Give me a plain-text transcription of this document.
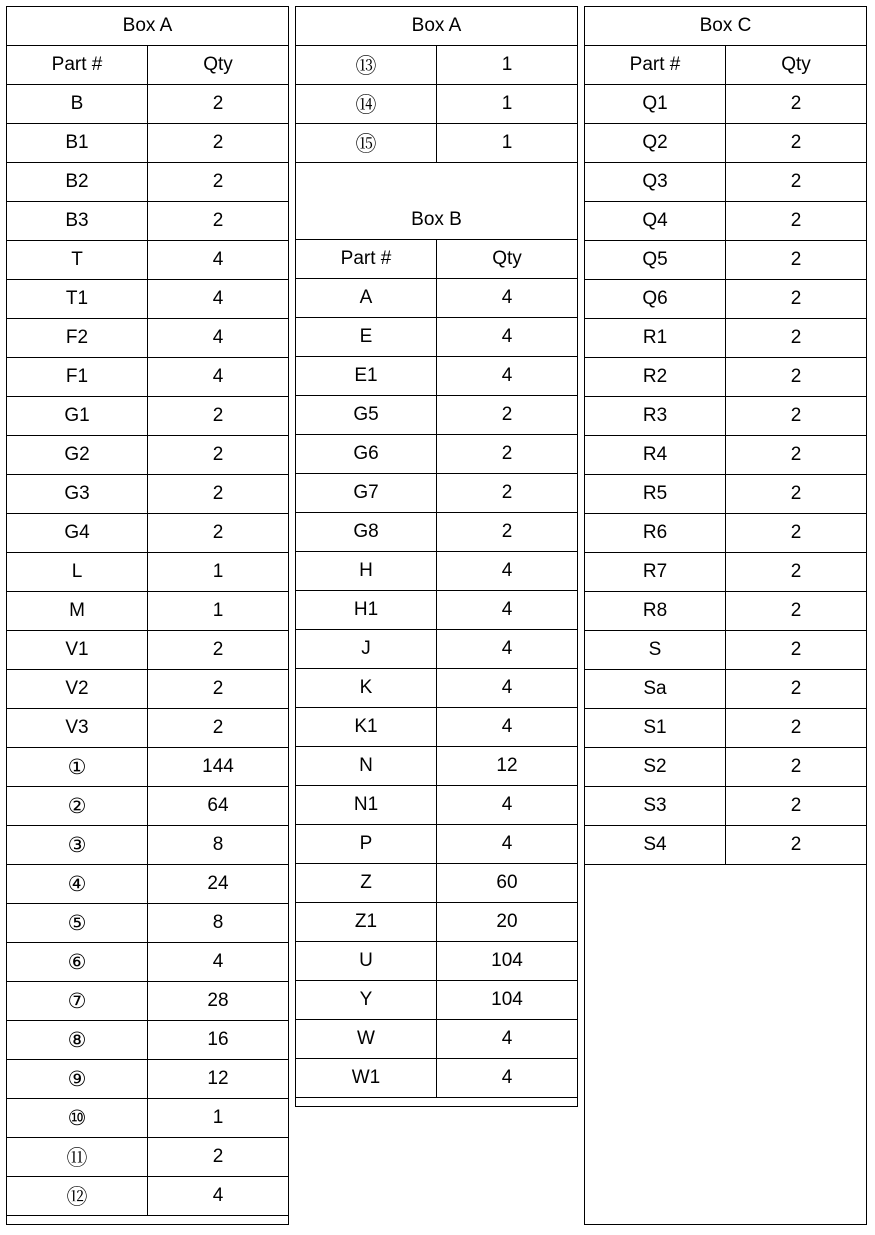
Box A	
Part #	Qty
B	2
B1	2
B2	2
B3	2
T	4
T1	4
F2	4
F1	4
G1	2
G2	2
G3	2
G4	2
L	1
M	1
V1	2
V2	2
V3	2
①	144
②	64
③	8
④	24
⑤	8
⑥	4
⑦	28
⑧	16
⑨	12
⑩	1
⑪	2
⑫	4
Box A	
⑬	1
⑭	1
⑮	1

Box B	
Part #	Qty
A	4
E	4
E1	4
G5	2
G6	2
G7	2
G8	2
H	4
H1	4
J	4
K	4
K1	4
N	12
N1	4
P	4
Z	60
Z1	20
U	104
Y	104
W	4
W1	4
Box C	
Part #	Qty
Q1	2
Q2	2
Q3	2
Q4	2
Q5	2
Q6	2
R1	2
R2	2
R3	2
R4	2
R5	2
R6	2
R7	2
R8	2
S	2
Sa	2
S1	2
S2	2
S3	2
S4	2
